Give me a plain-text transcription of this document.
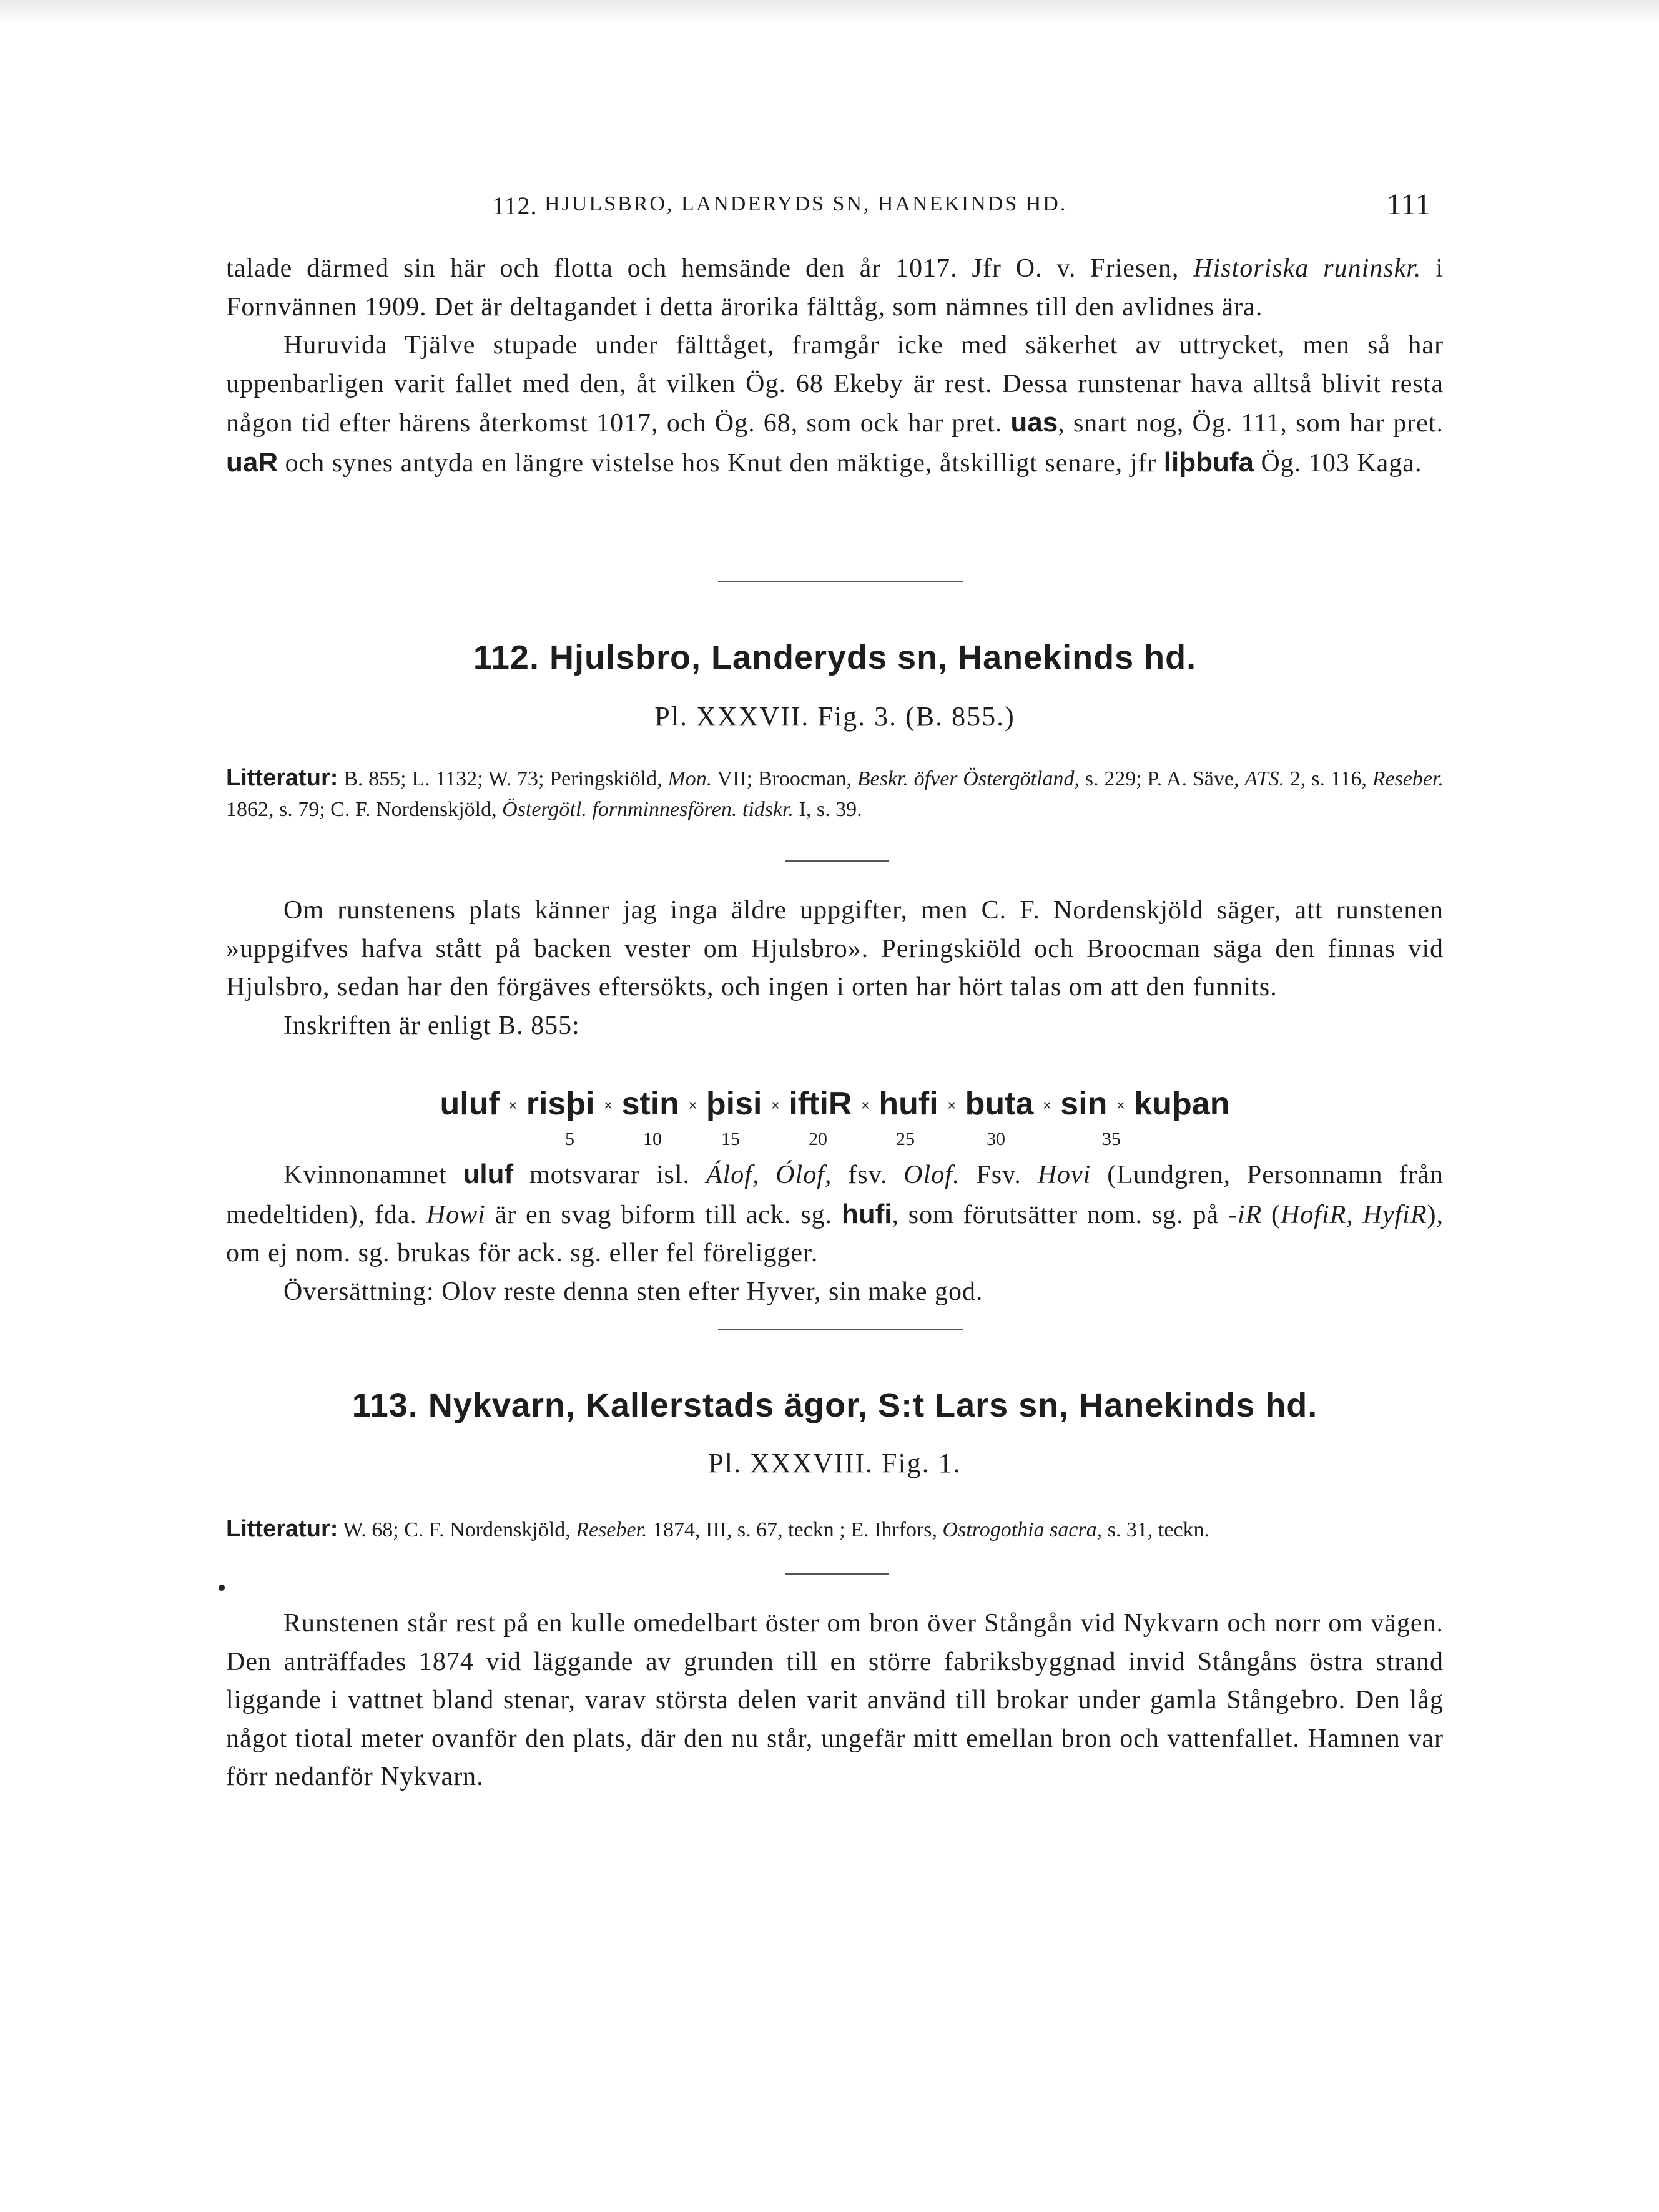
112. HJULSBRO, LANDERYDS SN, HANEKINDS HD.	111

talade därmed sin här och flotta och hemsände den år 1017. Jfr O. v. Friesen, Historiska runinskr. i Fornvännen 1909. Det är deltagandet i detta ärorika fälttåg, som nämnes till den avlidnes ära.

Huruvida Tjälve stupade under fälttåget, framgår icke med säkerhet av uttrycket, men så har uppenbarligen varit fallet med den, åt vilken Ög. 68 Ekeby är rest. Dessa runstenar hava alltså blivit resta någon tid efter härens återkomst 1017, och Ög. 68, som ock har pret. uas, snart nog, Ög. 111, som har pret. uaR och synes antyda en längre vistelse hos Knut den mäktige, åtskilligt senare, jfr liþbufa Ög. 103 Kaga.

112. Hjulsbro, Landeryds sn, Hanekinds hd.
Pl. XXXVII. Fig. 3. (B. 855.)

Litteratur: B. 855; L. 1132; W. 73; Peringskiöld, Mon. VII; Broocman, Beskr. öfver Östergötland, s. 229; P. A. Säve, ATS. 2, s. 116, Reseber. 1862, s. 79; C. F. Nordenskjöld, Östergötl. fornminnesfören. tidskr. I, s. 39.

Om runstenens plats känner jag inga äldre uppgifter, men C. F. Nordenskjöld säger, att runstenen »uppgifves hafva stått på backen vester om Hjulsbro». Peringskiöld och Broocman säga den finnas vid Hjulsbro, sedan har den förgäves eftersökts, och ingen i orten har hört talas om att den funnits.

Inskriften är enligt B. 855:

uluf × risþi × stin × þisi × iftiR × hufi × buta × sin × kuþan
5	10	15	20	25	30	35

Kvinnonamnet uluf motsvarar isl. Álof, Ólof, fsv. Olof. Fsv. Hovi (Lundgren, Personnamn från medeltiden), fda. Howi är en svag biform till ack. sg. hufi, som förutsätter nom. sg. på -iR (HofiR, HyfiR), om ej nom. sg. brukas för ack. sg. eller fel föreligger.

Översättning: Olov reste denna sten efter Hyver, sin make god.

113. Nykvarn, Kallerstads ägor, S:t Lars sn, Hanekinds hd.
Pl. XXXVIII. Fig. 1.

Litteratur: W. 68; C. F. Nordenskjöld, Reseber. 1874, III, s. 67, teckn ; E. Ihrfors, Ostrogothia sacra, s. 31, teckn.

Runstenen står rest på en kulle omedelbart öster om bron över Stångån vid Nykvarn och norr om vägen. Den anträffades 1874 vid läggande av grunden till en större fabriksbyggnad invid Stångåns östra strand liggande i vattnet bland stenar, varav största delen varit använd till brokar under gamla Stångebro. Den låg något tiotal meter ovanför den plats, där den nu står, ungefär mitt emellan bron och vattenfallet. Hamnen var förr nedanför Nykvarn.
